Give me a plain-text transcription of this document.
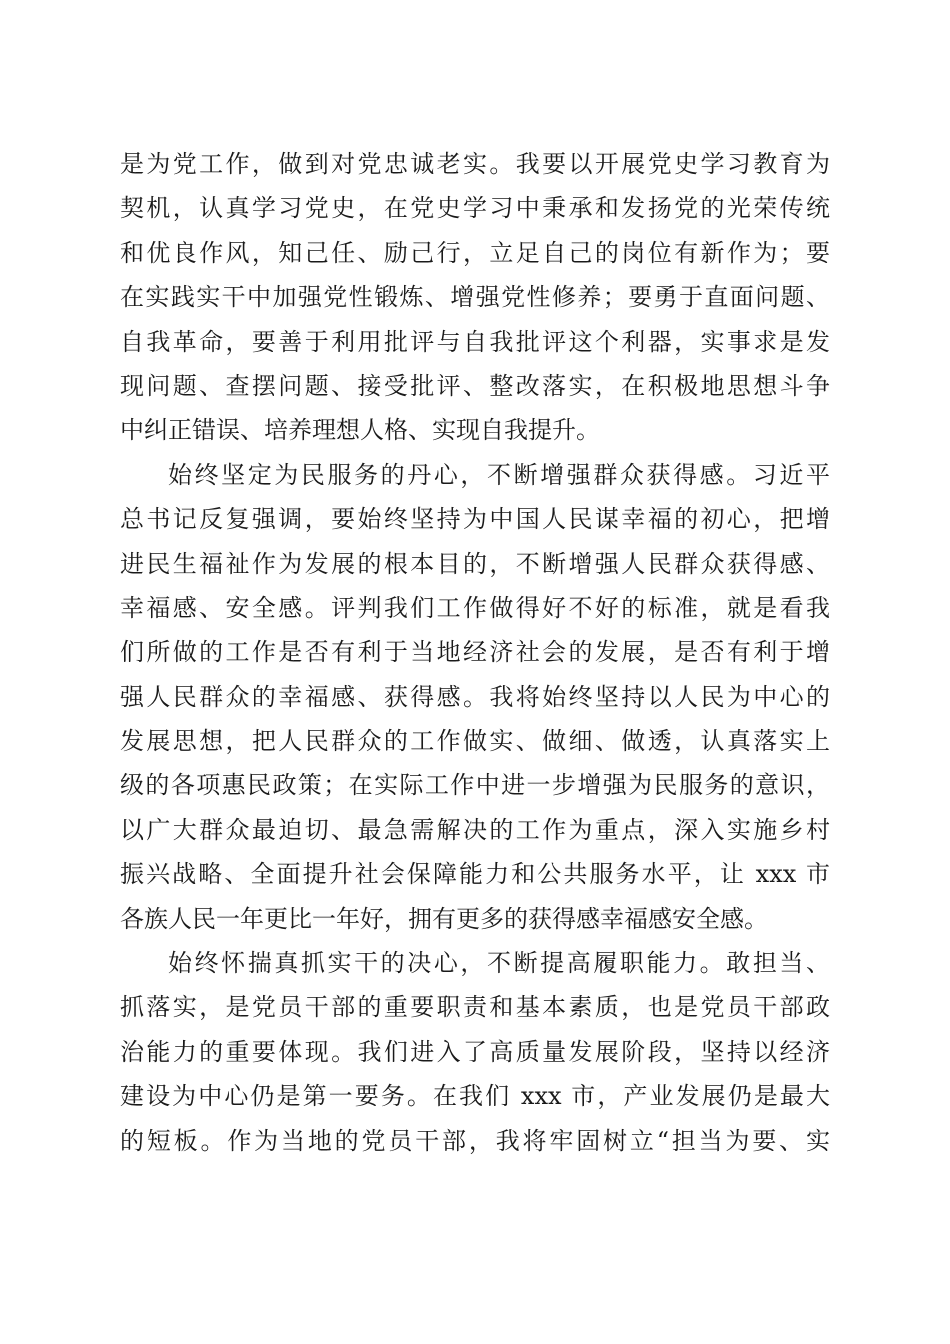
是为党工作，做到对党忠诚老实。我要以开展党史学习教育为
契机，认真学习党史，在党史学习中秉承和发扬党的光荣传统
和优良作风，知己任、励己行，立足自己的岗位有新作为；要
在实践实干中加强党性锻炼、增强党性修养；要勇于直面问题、
自我革命，要善于利用批评与自我批评这个利器，实事求是发
现问题、查摆问题、接受批评、整改落实，在积极地思想斗争
中纠正错误、培养理想人格、实现自我提升。
始终坚定为民服务的丹心，不断增强群众获得感。习近平
总书记反复强调，要始终坚持为中国人民谋幸福的初心，把增
进民生福祉作为发展的根本目的，不断增强人民群众获得感、
幸福感、安全感。评判我们工作做得好不好的标准，就是看我
们所做的工作是否有利于当地经济社会的发展，是否有利于增
强人民群众的幸福感、获得感。我将始终坚持以人民为中心的
发展思想，把人民群众的工作做实、做细、做透，认真落实上
级的各项惠民政策；在实际工作中进一步增强为民服务的意识，
以广大群众最迫切、最急需解决的工作为重点，深入实施乡村
振兴战略、全面提升社会保障能力和公共服务水平，让 xxx 市
各族人民一年更比一年好，拥有更多的获得感幸福感安全感。
始终怀揣真抓实干的决心，不断提高履职能力。敢担当、
抓落实，是党员干部的重要职责和基本素质，也是党员干部政
治能力的重要体现。我们进入了高质量发展阶段，坚持以经济
建设为中心仍是第一要务。在我们 xxx 市，产业发展仍是最大
的短板。作为当地的党员干部，我将牢固树立“担当为要、实
